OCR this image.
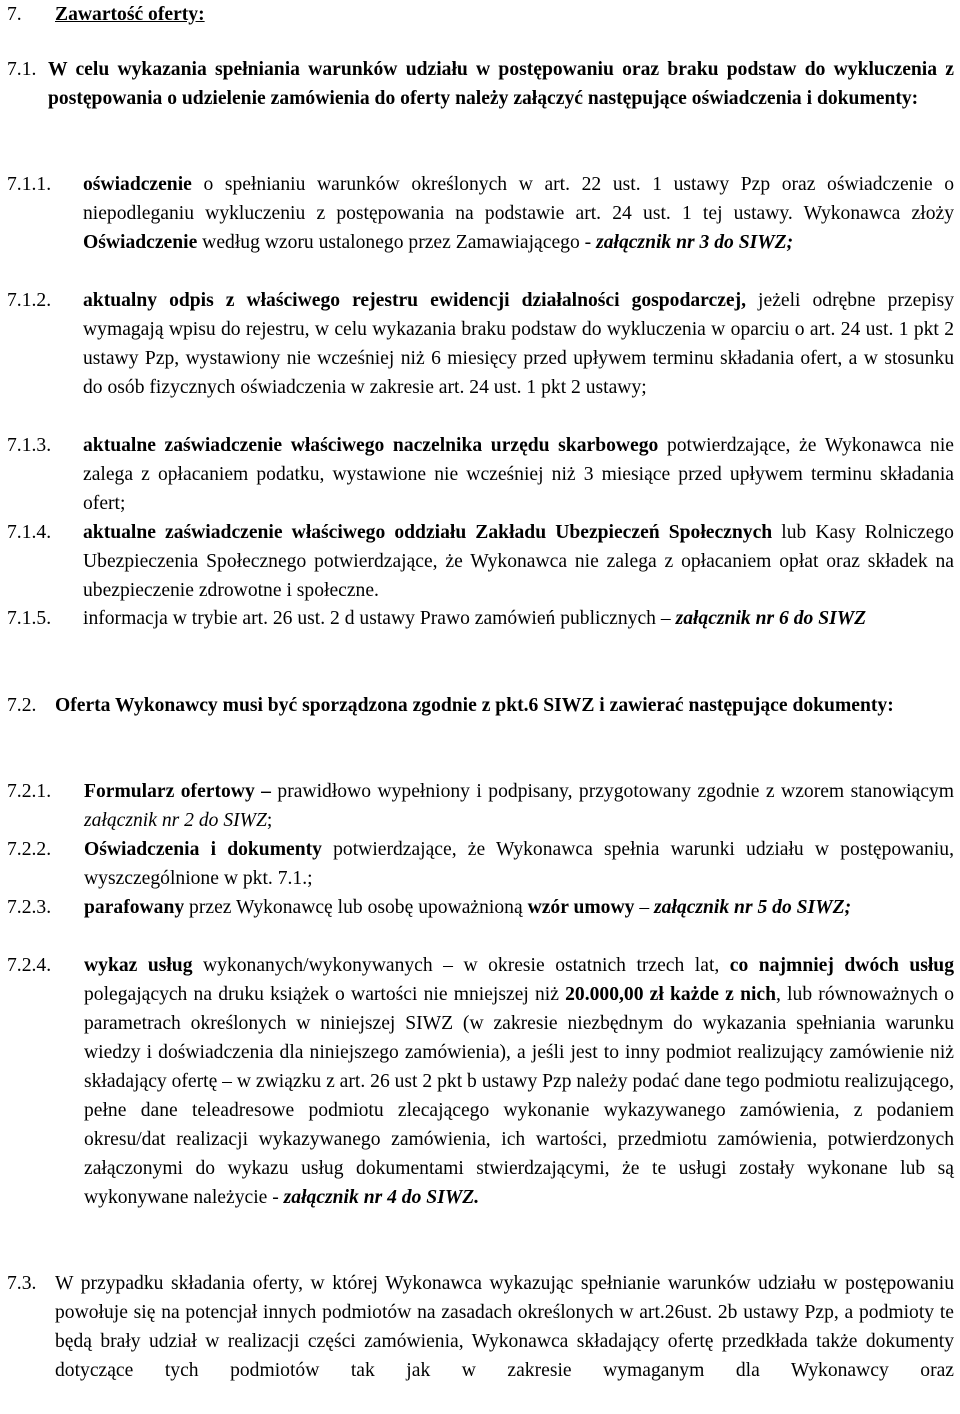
7. Zawartość oferty:
7.1. W celu wykazania spełniania warunków udziału w postępowaniu oraz braku podstaw do wykluczenia z postępowania o udzielenie zamówienia do oferty należy załączyć następujące oświadczenia i dokumenty:
7.1.1. oświadczenie o spełnianiu warunków określonych w art. 22 ust. 1 ustawy Pzp oraz oświadczenie o niepodleganiu wykluczeniu z postępowania na podstawie art. 24 ust. 1 tej ustawy. Wykonawca złoży Oświadczenie według wzoru ustalonego przez Zamawiającego - załącznik nr 3 do SIWZ;
7.1.2. aktualny odpis z właściwego rejestru ewidencji działalności gospodarczej, jeżeli odrębne przepisy wymagają wpisu do rejestru, w celu wykazania braku podstaw do wykluczenia w oparciu o art. 24 ust. 1 pkt 2 ustawy Pzp, wystawiony nie wcześniej niż 6 miesięcy przed upływem terminu składania ofert, a w stosunku do osób fizycznych oświadczenia w zakresie art. 24 ust. 1 pkt 2 ustawy;
7.1.3. aktualne zaświadczenie właściwego naczelnika urzędu skarbowego potwierdzające, że Wykonawca nie zalega z opłacaniem podatku, wystawione nie wcześniej niż 3 miesiące przed upływem terminu składania ofert;
7.1.4. aktualne zaświadczenie właściwego oddziału Zakładu Ubezpieczeń Społecznych lub Kasy Rolniczego Ubezpieczenia Społecznego potwierdzające, że Wykonawca nie zalega z opłacaniem opłat oraz składek na ubezpieczenie zdrowotne i społeczne.
7.1.5. informacja w trybie art. 26 ust. 2 d ustawy Prawo zamówień publicznych – załącznik nr 6 do SIWZ
7.2. Oferta Wykonawcy musi być sporządzona zgodnie z pkt.6 SIWZ i zawierać następujące dokumenty:
7.2.1. Formularz ofertowy – prawidłowo wypełniony i podpisany, przygotowany zgodnie z wzorem stanowiącym załącznik nr 2 do SIWZ;
7.2.2. Oświadczenia i dokumenty potwierdzające, że Wykonawca spełnia warunki udziału w postępowaniu, wyszczególnione w pkt. 7.1.;
7.2.3. parafowany przez Wykonawcę lub osobę upoważnioną wzór umowy – załącznik nr 5 do SIWZ;
7.2.4. wykaz usług wykonanych/wykonywanych – w okresie ostatnich trzech lat, co najmniej dwóch usług polegających na druku książek o wartości nie mniejszej niż 20.000,00 zł każde z nich, lub równoważnych o parametrach określonych w niniejszej SIWZ (w zakresie niezbędnym do wykazania spełniania warunku wiedzy i doświadczenia dla niniejszego zamówienia), a jeśli jest to inny podmiot realizujący zamówienie niż składający ofertę – w związku z art. 26 ust 2 pkt b ustawy Pzp należy podać dane tego podmiotu realizującego, pełne dane teleadresowe podmiotu zlecającego wykonanie wykazywanego zamówienia, z podaniem okresu/dat realizacji wykazywanego zamówienia, ich wartości, przedmiotu zamówienia, potwierdzonych załączonymi do wykazu usług dokumentami stwierdzającymi, że te usługi zostały wykonane lub są wykonywane należycie - załącznik nr 4 do SIWZ.
7.3. W przypadku składania oferty, w której Wykonawca wykazując spełnianie warunków udziału w postępowaniu powołuje się na potencjał innych podmiotów na zasadach określonych w art.26ust. 2b ustawy Pzp, a podmioty te będą brały udział w realizacji części zamówienia, Wykonawca składający ofertę przedkłada także dokumenty dotyczące tych podmiotów tak jak w zakresie wymaganym dla Wykonawcy oraz
